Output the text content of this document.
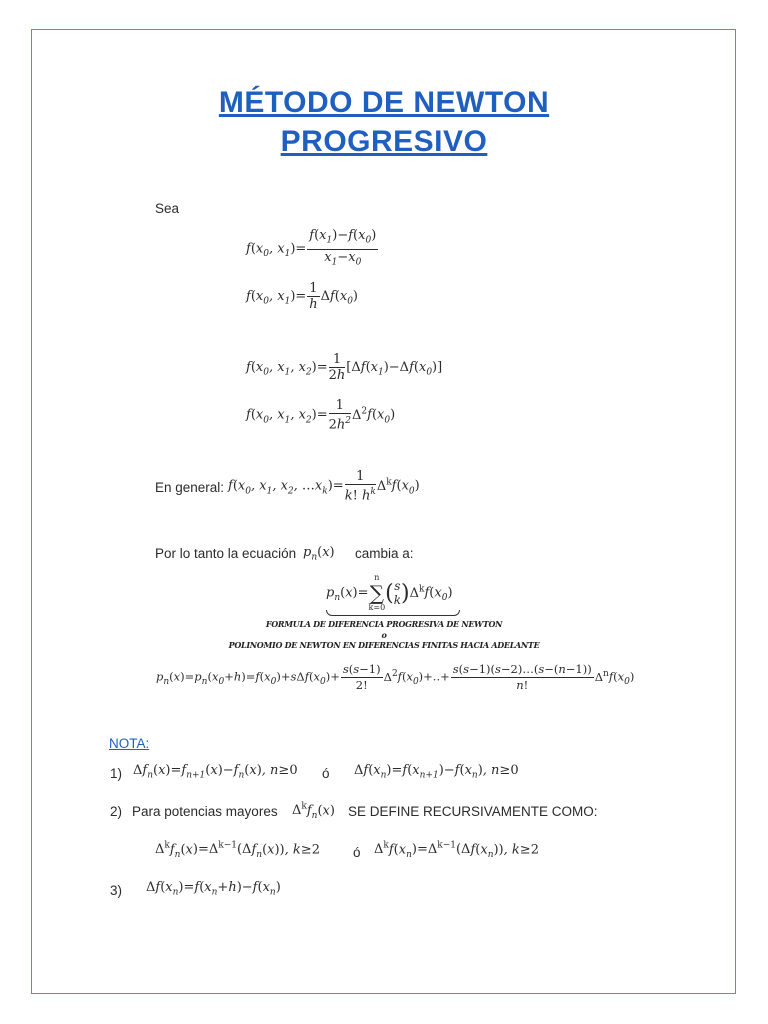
MÉTODO DE NEWTON
PROGRESIVO
Sea
$f(x_0$, $x_1)= \frac{f(x_1)-f(x_0)}{x_1-x_0}$
$f(x_0$, $x_1)= \frac{1}{h} \Delta f(x_0)$
$f(x_0$, $x_1$, $x_2)= \frac{1}{2h} [\Delta f(x_1)-\Delta f(x_0)]$
$f(x_0$, $x_1$, $x_2)= \frac{1}{2h^2} \Delta^2f(x_0)$
En general: $f(x_0$, $x_1$, $x_2$, $\dots x_k)= \frac{1}{k! h^k} \Delta^kf(x_0)$
Por lo tanto la ecuación $p_n(x)$ cambia a:
$p_n(x)=$
n
∑
k=0
(s
$k)\Delta^kf(x_0)$
FORMULA DE DIFERENCIA PROGRESIVA DE NEWTON
o
POLINOMIO DE NEWTON EN DIFERENCIAS FINITAS HACIA ADELANTE
$p_n(x)=p_n(x_0+h)=f(x_0)+s\Delta f(x_0)+ \frac{s(s-1)}{2!} \Delta^2f(x_0)+..+ \frac{s(s-1)(s-2)\dots(s-(n-1))}{n!} \Delta^nf(x_0)$
NOTA:
1) $\Delta f_n(x)=f_{n+1}(x)-f_n(x)$, n≥0 ó $\Delta f(x_n)=f(x_{n+1})-f(x_n)$, n≥0
2) Para potencias mayores $\Delta^kf_n(x)$ SE DEFINE RECURSIVAMENTE COMO:
$\Delta^kf_n(x)=\Delta^{k-1}(\Delta f_n(x))$, k≥2 ó $\Delta^kf(x_n)=\Delta^{k-1}(\Delta f(x_n))$, k≥2
3) $\Delta f(x_n)=f(x_n+h)-f(x_n)$
